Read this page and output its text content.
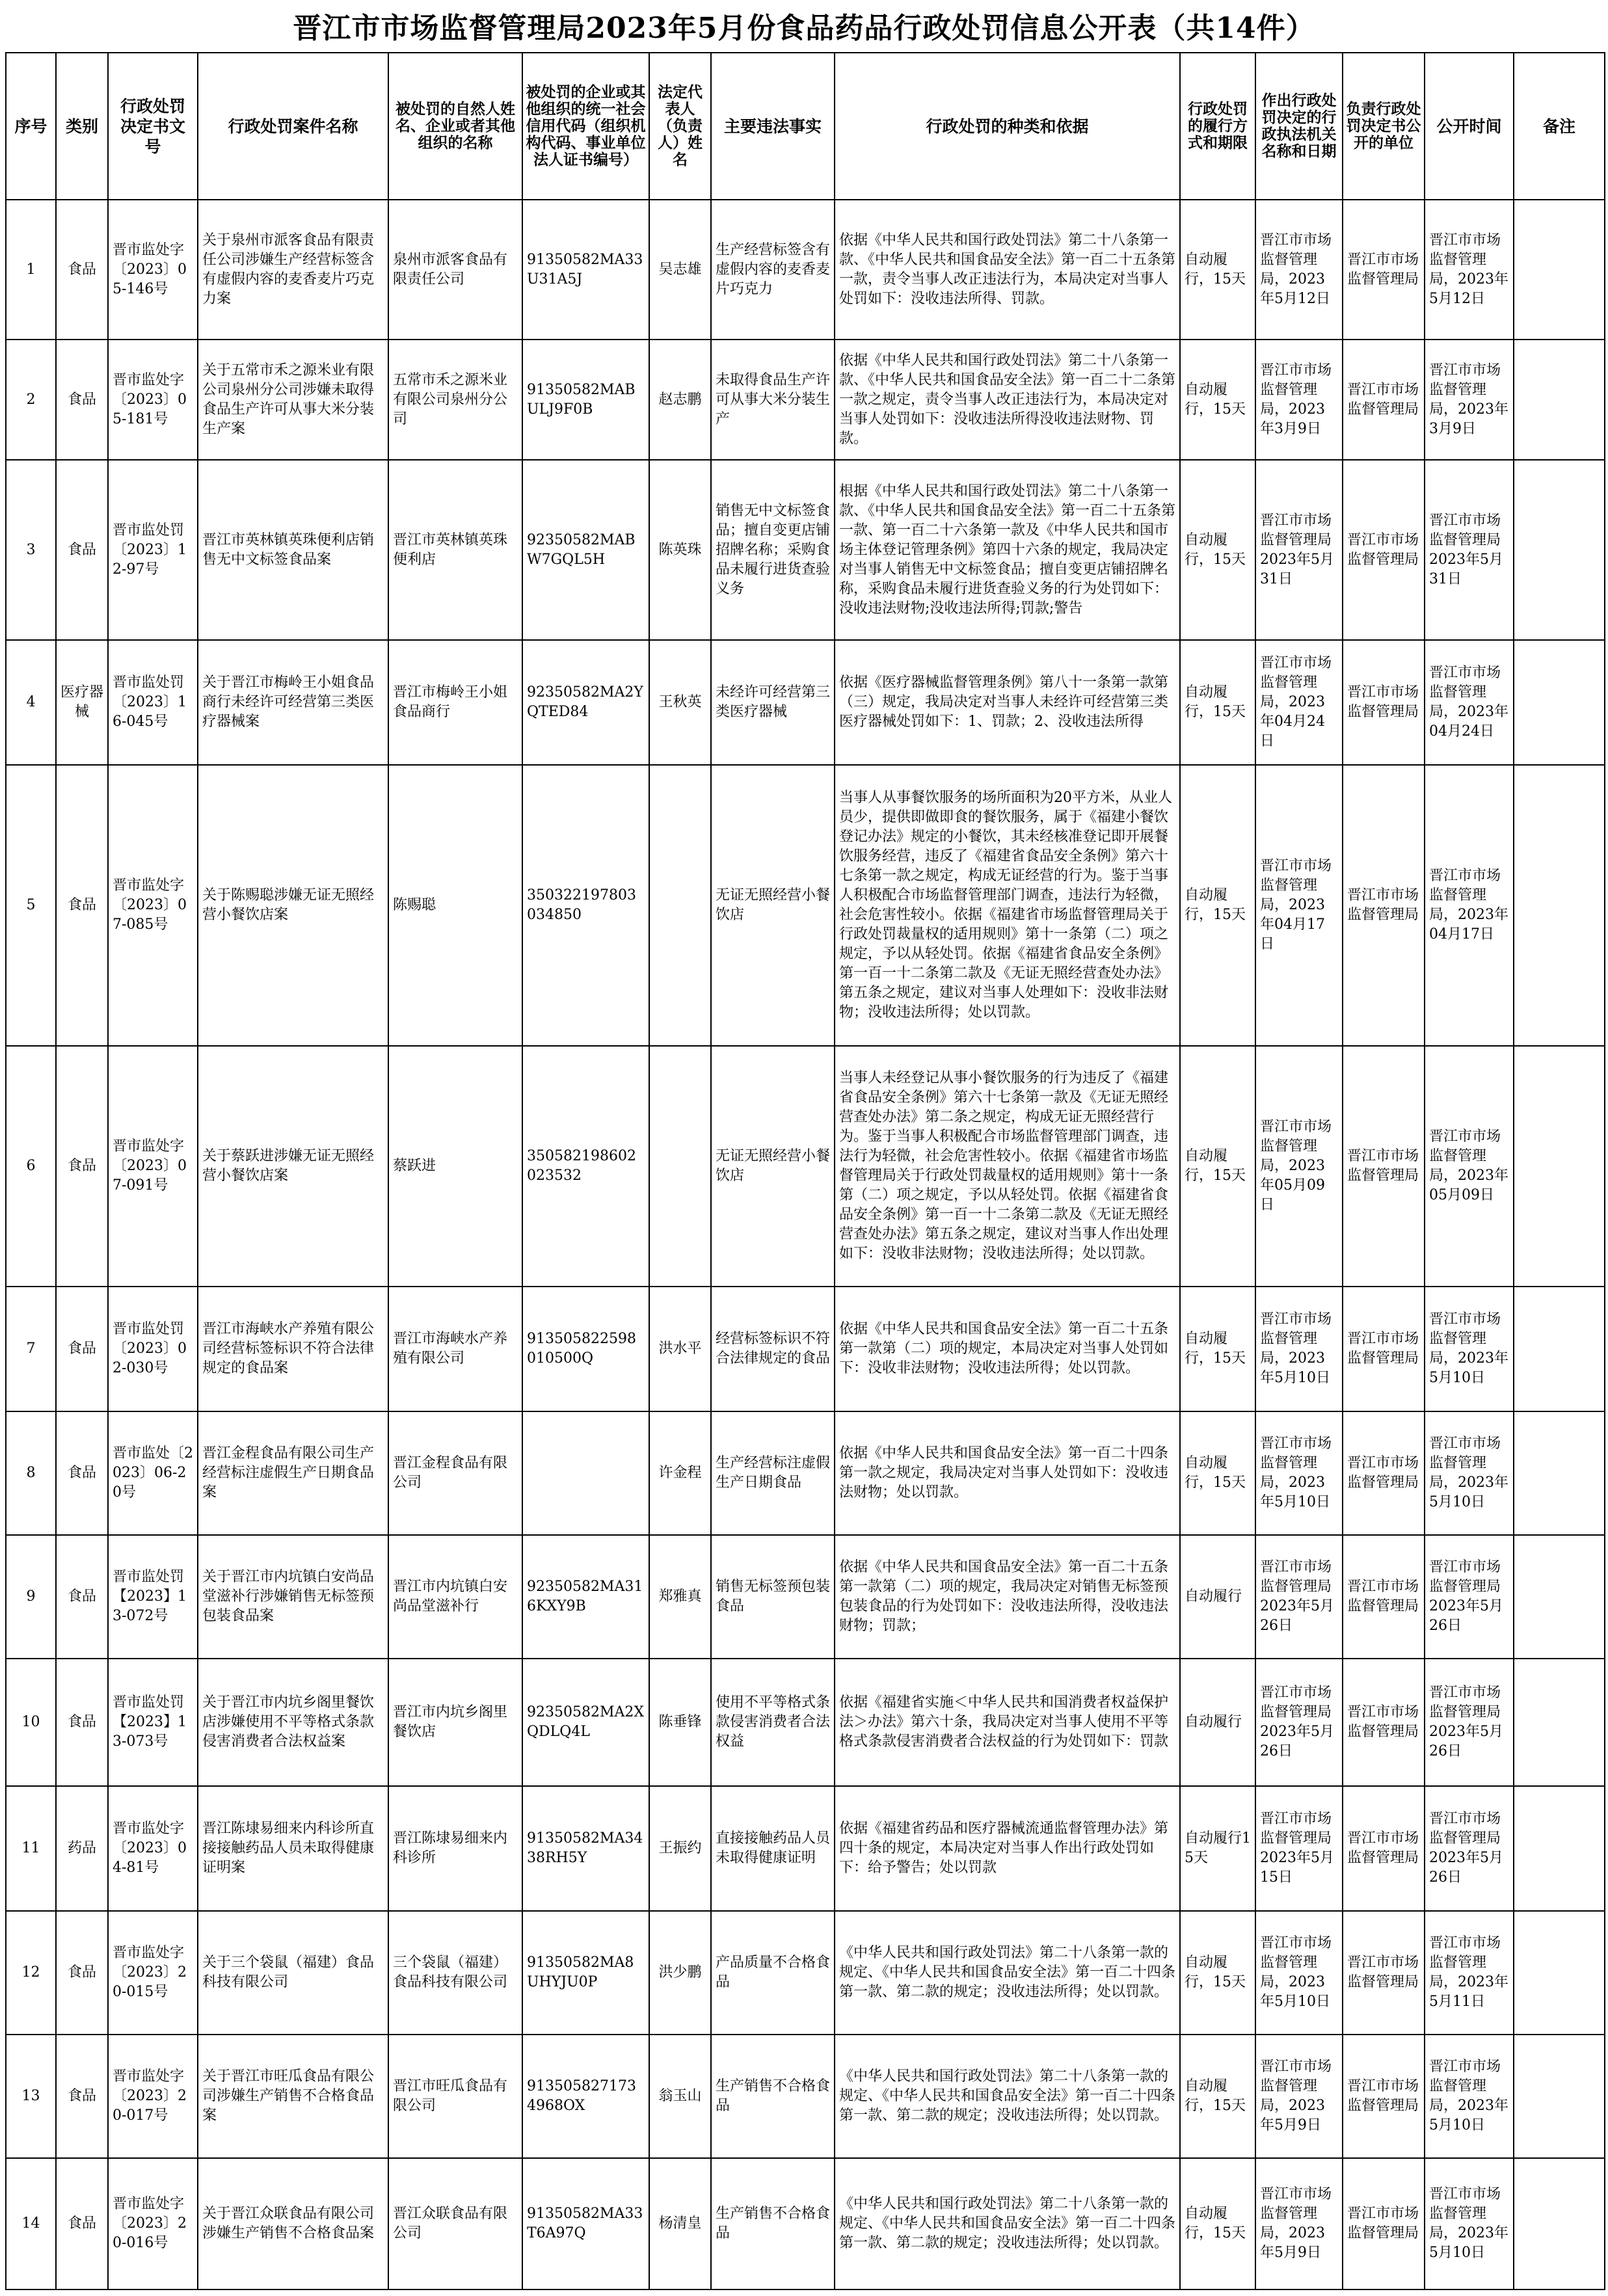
晋江市市场监督管理局2023年5月份食品药品行政处罚信息公开表（共14件）
序号	类别	行政处罚决定书文号	行政处罚案件名称	被处罚的自然人姓名、企业或者其他组织的名称	被处罚的企业或其他组织的统一社会信用代码（组织机构代码、事业单位法人证书编号）	法定代表人（负责人）姓名	主要违法事实	行政处罚的种类和依据	行政处罚的履行方式和期限	作出行政处罚决定的行政执法机关名称和日期	负责行政处罚决定书公开的单位	公开时间	备注
1	食品	晋市监处字〔2023〕05-146号	关于泉州市派客食品有限责任公司涉嫌生产经营标签含有虚假内容的麦香麦片巧克力案	泉州市派客食品有限责任公司	91350582MA33U31A5J	吴志雄	生产经营标签含有虚假内容的麦香麦片巧克力	依据《中华人民共和国行政处罚法》第二十八条第一款、《中华人民共和国食品安全法》第一百二十五条第一款，责令当事人改正违法行为，本局决定对当事人处罚如下：没收违法所得、罚款。	自动履行，15天	晋江市市场监督管理局，2023年5月12日	晋江市市场监督管理局	晋江市市场监督管理局，2023年5月12日	
2	食品	晋市监处字〔2023〕05-181号	关于五常市禾之源米业有限公司泉州分公司涉嫌未取得食品生产许可从事大米分装生产案	五常市禾之源米业有限公司泉州分公司	91350582MABULJ9F0B	赵志鹏	未取得食品生产许可从事大米分装生产	依据《中华人民共和国行政处罚法》第二十八条第一款、《中华人民共和国食品安全法》第一百二十二条第一款之规定，责令当事人改正违法行为，本局决定对当事人处罚如下：没收违法所得没收违法财物、罚款。	自动履行，15天	晋江市市场监督管理局，2023年3月9日	晋江市市场监督管理局	晋江市市场监督管理局，2023年3月9日	
3	食品	晋市监处罚〔2023〕12-97号	晋江市英林镇英珠便利店销售无中文标签食品案	晋江市英林镇英珠便利店	92350582MABW7GQL5H	陈英珠	销售无中文标签食品；擅自变更店铺招牌名称；采购食品未履行进货查验义务	根据《中华人民共和国行政处罚法》第二十八条第一款、《中华人民共和国食品安全法》第一百二十五条第一款、第一百二十六条第一款及《中华人民共和国市场主体登记管理条例》第四十六条的规定，我局决定对当事人销售无中文标签食品；擅自变更店铺招牌名称，采购食品未履行进货查验义务的行为处罚如下：没收违法财物;没收违法所得;罚款;警告	自动履行，15天	晋江市市场监督管理局2023年5月31日	晋江市市场监督管理局	晋江市市场监督管理局2023年5月31日	
4	医疗器械	晋市监处罚〔2023〕16-045号	关于晋江市梅岭王小姐食品商行未经许可经营第三类医疗器械案	晋江市梅岭王小姐食品商行	92350582MA2YQTED84	王秋英	未经许可经营第三类医疗器械	依据《医疗器械监督管理条例》第八十一条第一款第（三）规定，我局决定对当事人未经许可经营第三类医疗器械处罚如下：1、罚款；2、没收违法所得	自动履行，15天	晋江市市场监督管理局，2023年04月24日	晋江市市场监督管理局	晋江市市场监督管理局，2023年04月24日	
5	食品	晋市监处字〔2023〕07-085号	关于陈赐聪涉嫌无证无照经营小餐饮店案	陈赐聪	350322197803034850		无证无照经营小餐饮店	当事人从事餐饮服务的场所面积为20平方米，从业人员少，提供即做即食的餐饮服务，属于《福建小餐饮登记办法》规定的小餐饮，其未经核准登记即开展餐饮服务经营，违反了《福建省食品安全条例》第六十七条第一款之规定，构成无证经营的行为。鉴于当事人积极配合市场监督管理部门调查，违法行为轻微，社会危害性较小。依据《福建省市场监督管理局关于行政处罚裁量权的适用规则》第十一条第（二）项之规定，予以从轻处罚。依据《福建省食品安全条例》第一百一十二条第二款及《无证无照经营查处办法》第五条之规定，建议对当事人处理如下：没收非法财物；没收违法所得；处以罚款。	自动履行，15天	晋江市市场监督管理局，2023年04月17日	晋江市市场监督管理局	晋江市市场监督管理局，2023年04月17日	
6	食品	晋市监处字〔2023〕07-091号	关于蔡跃进涉嫌无证无照经营小餐饮店案	蔡跃进	350582198602023532		无证无照经营小餐饮店	当事人未经登记从事小餐饮服务的行为违反了《福建省食品安全条例》第六十七条第一款及《无证无照经营查处办法》第二条之规定，构成无证无照经营行为。鉴于当事人积极配合市场监督管理部门调查，违法行为轻微，社会危害性较小。依据《福建省市场监督管理局关于行政处罚裁量权的适用规则》第十一条第（二）项之规定，予以从轻处罚。依据《福建省食品安全条例》第一百一十二条第二款及《无证无照经营查处办法》第五条之规定，建议对当事人作出处理如下：没收非法财物；没收违法所得；处以罚款。	自动履行，15天	晋江市市场监督管理局，2023年05月09日	晋江市市场监督管理局	晋江市市场监督管理局，2023年05月09日	
7	食品	晋市监处罚〔2023〕02-030号	晋江市海峡水产养殖有限公司经营标签标识不符合法律规定的食品案	晋江市海峡水产养殖有限公司	913505822598010500Q	洪水平	经营标签标识不符合法律规定的食品	依据《中华人民共和国食品安全法》第一百二十五条第一款第（二）项的规定，本局决定对当事人处罚如下：没收非法财物；没收违法所得；处以罚款。	自动履行，15天	晋江市市场监督管理局，2023年5月10日	晋江市市场监督管理局	晋江市市场监督管理局，2023年5月10日	
8	食品	晋市监处〔2023〕06-20号	晋江金程食品有限公司生产经营标注虚假生产日期食品案	晋江金程食品有限公司		许金程	生产经营标注虚假生产日期食品	依据《中华人民共和国食品安全法》第一百二十四条第一款之规定，我局决定对当事人处罚如下：没收违法财物；处以罚款。	自动履行，15天	晋江市市场监督管理局，2023年5月10日	晋江市市场监督管理局	晋江市市场监督管理局，2023年5月10日	
9	食品	晋市监处罚【2023】13-072号	关于晋江市内坑镇白安尚品堂滋补行涉嫌销售无标签预包装食品案	晋江市内坑镇白安尚品堂滋补行	92350582MA316KXY9B	郑雅真	销售无标签预包装食品	依据《中华人民共和国食品安全法》第一百二十五条第一款第（二）项的规定，我局决定对销售无标签预包装食品的行为处罚如下：没收违法所得，没收违法财物；罚款；	自动履行	晋江市市场监督管理局2023年5月26日	晋江市市场监督管理局	晋江市市场监督管理局2023年5月26日	
10	食品	晋市监处罚【2023】13-073号	关于晋江市内坑乡阁里餐饮店涉嫌使用不平等格式条款侵害消费者合法权益案	晋江市内坑乡阁里餐饮店	92350582MA2XQDLQ4L	陈垂锋	使用不平等格式条款侵害消费者合法权益	依据《福建省实施＜中华人民共和国消费者权益保护法＞办法》第六十条，我局决定对当事人使用不平等格式条款侵害消费者合法权益的行为处罚如下：罚款	自动履行	晋江市市场监督管理局2023年5月26日	晋江市市场监督管理局	晋江市市场监督管理局2023年5月26日	
11	药品	晋市监处字〔2023〕04-81号	晋江陈埭易细来内科诊所直接接触药品人员未取得健康证明案	晋江陈埭易细来内科诊所	91350582MA3438RH5Y	王振约	直接接触药品人员未取得健康证明	依据《福建省药品和医疗器械流通监督管理办法》第四十条的规定，本局决定对当事人作出行政处罚如下：给予警告；处以罚款	自动履行15天	晋江市市场监督管理局2023年5月15日	晋江市市场监督管理局	晋江市市场监督管理局2023年5月26日	
12	食品	晋市监处字〔2023〕20-015号	关于三个袋鼠（福建）食品科技有限公司	三个袋鼠（福建）食品科技有限公司	91350582MA8UHYJU0P	洪少鹏	产品质量不合格食品	《中华人民共和国行政处罚法》第二十八条第一款的规定、《中华人民共和国食品安全法》第一百二十四条第一款、第二款的规定；没收违法所得；处以罚款。	自动履行，15天	晋江市市场监督管理局，2023年5月10日	晋江市市场监督管理局	晋江市市场监督管理局，2023年5月11日	
13	食品	晋市监处字〔2023〕20-017号	关于晋江市旺瓜食品有限公司涉嫌生产销售不合格食品案	晋江市旺瓜食品有限公司	9135058271734968OX	翁玉山	生产销售不合格食品	《中华人民共和国行政处罚法》第二十八条第一款的规定、《中华人民共和国食品安全法》第一百二十四条第一款、第二款的规定；没收违法所得；处以罚款。	自动履行，15天	晋江市市场监督管理局，2023年5月9日	晋江市市场监督管理局	晋江市市场监督管理局，2023年5月10日	
14	食品	晋市监处字〔2023〕20-016号	关于晋江众联食品有限公司涉嫌生产销售不合格食品案	晋江众联食品有限公司	91350582MA33T6A97Q	杨清皇	生产销售不合格食品	《中华人民共和国行政处罚法》第二十八条第一款的规定、《中华人民共和国食品安全法》第一百二十四条第一款、第二款的规定；没收违法所得；处以罚款。	自动履行，15天	晋江市市场监督管理局，2023年5月9日	晋江市市场监督管理局	晋江市市场监督管理局，2023年5月10日	
